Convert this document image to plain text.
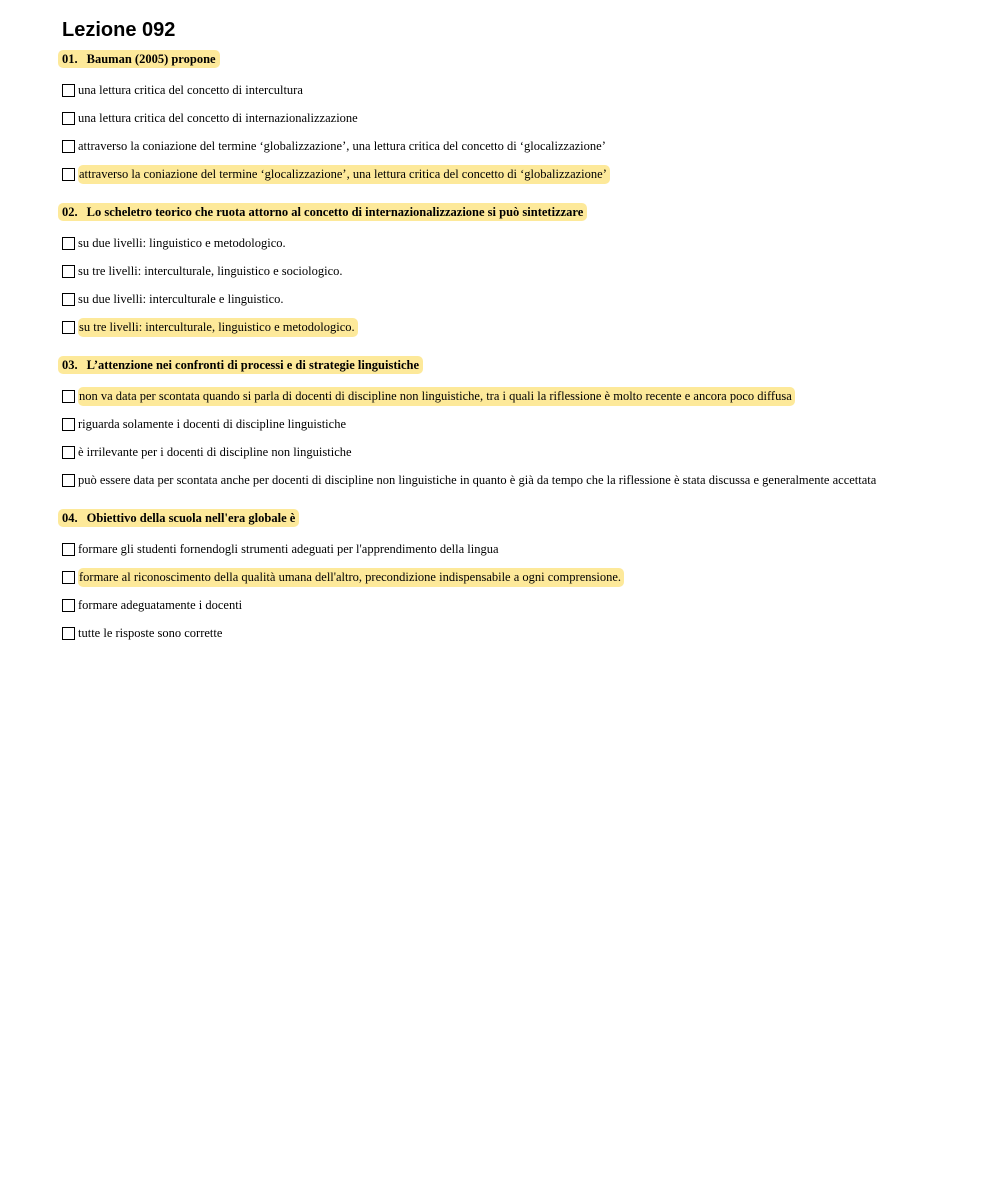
Lezione 092
01. Bauman (2005) propone
una lettura critica del concetto di intercultura
una lettura critica del concetto di internazionalizzazione
attraverso la coniazione del termine ‘globalizzazione’, una lettura critica del concetto di ‘glocalizzazione’
attraverso la coniazione del termine ‘glocalizzazione’, una lettura critica del concetto di ‘globalizzazione’
02. Lo scheletro teorico che ruota attorno al concetto di internazionalizzazione si può sintetizzare
su due livelli: linguistico e metodologico.
su tre livelli: interculturale, linguistico e sociologico.
su due livelli: interculturale e linguistico.
su tre livelli: interculturale, linguistico e metodologico.
03. L’attenzione nei confronti di processi e di strategie linguistiche
non va data per scontata quando si parla di docenti di discipline non linguistiche, tra i quali la riflessione è molto recente e ancora poco diffusa
riguarda solamente i docenti di discipline linguistiche
è irrilevante per i docenti di discipline non linguistiche
può essere data per scontata anche per docenti di discipline non linguistiche in quanto è già da tempo che la riflessione è stata discussa e generalmente accettata
04. Obiettivo della scuola nell'era globale è
formare gli studenti fornendogli strumenti adeguati per l'apprendimento della lingua
formare al riconoscimento della qualità umana dell'altro, precondizione indispensabile a ogni comprensione.
formare adeguatamente i docenti
tutte le risposte sono corrette
